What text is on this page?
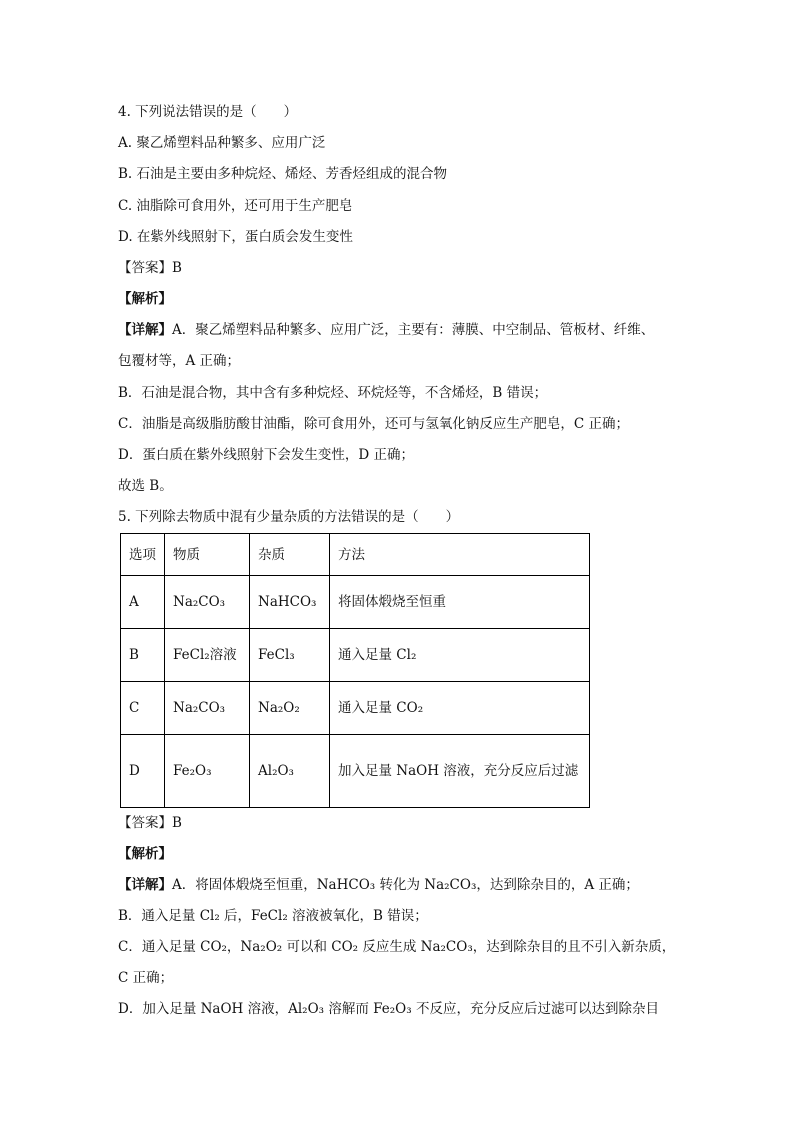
4. 下列说法错误的是（　　）
A. 聚乙烯塑料品种繁多、应用广泛
B. 石油是主要由多种烷烃、烯烃、芳香烃组成的混合物
C. 油脂除可食用外，还可用于生产肥皂
D. 在紫外线照射下，蛋白质会发生变性
【答案】B
【解析】
【详解】A．聚乙烯塑料品种繁多、应用广泛，主要有：薄膜、中空制品、管板材、纤维、
包覆材等，A 正确；
B．石油是混合物，其中含有多种烷烃、环烷烃等，不含烯烃，B 错误；
C．油脂是高级脂肪酸甘油酯，除可食用外，还可与氢氧化钠反应生产肥皂，C 正确；
D．蛋白质在紫外线照射下会发生变性，D 正确；
故选 B。
5. 下列除去物质中混有少量杂质的方法错误的是（　　）
选项	物质	杂质	方法
A	Na₂CO₃	NaHCO₃	将固体煅烧至恒重
B	FeCl₂溶液	FeCl₃	通入足量 Cl₂
C	Na₂CO₃	Na₂O₂	通入足量 CO₂
D	Fe₂O₃	Al₂O₃	加入足量 NaOH 溶液，充分反应后过滤
【答案】B
【解析】
【详解】A．将固体煅烧至恒重，NaHCO₃ 转化为 Na₂CO₃，达到除杂目的，A 正确；
B．通入足量 Cl₂ 后，FeCl₂ 溶液被氧化，B 错误；
C．通入足量 CO₂，Na₂O₂ 可以和 CO₂ 反应生成 Na₂CO₃，达到除杂目的且不引入新杂质，
C 正确；
D．加入足量 NaOH 溶液，Al₂O₃ 溶解而 Fe₂O₃ 不反应，充分反应后过滤可以达到除杂目
